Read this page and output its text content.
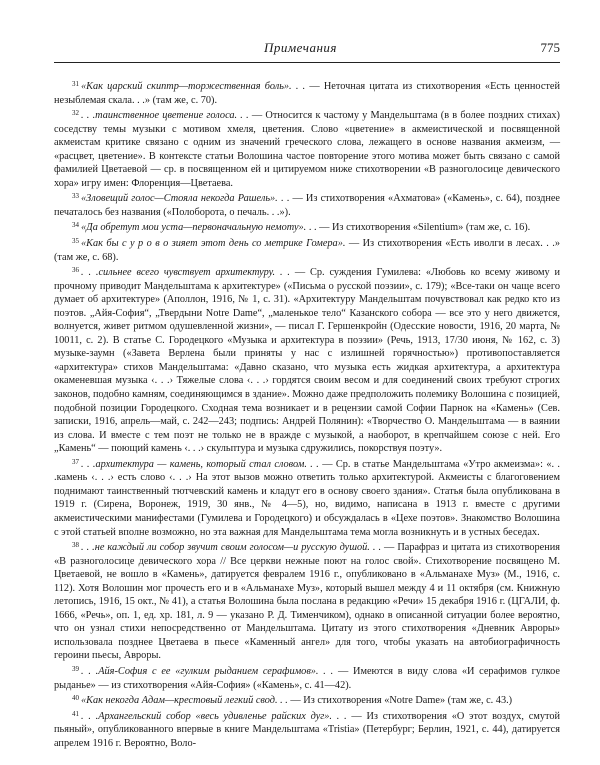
Примечания	775

$^{31}$ «Как царский скиптр—торжественная боль». . . — Неточная цитата из стихотворения «Есть ценностей незыблемая скала. . .» (там же, с. 70).

$^{32}$ . . .таинственное цветение голоса. . . — Относится к частому у Мандельштама (в в более поздних стихах) соседству темы музыки с мотивом хмеля, цветения. Слово «цветение» в акмеистической и посвященной акмеистам критике связано с одним из значений греческого слова, лежащего в основе названия акмеизм, — «расцвет, цветение». В контексте статьи Волошина частое повторение этого мотива может быть связано с самой фамилией Цветаевой — ср. в посвященном ей и цитируемом ниже стихотворении «В разноголосице девического хора» игру имен: Флоренция—Цветаева.

$^{33}$ «Зловещий голос—Стояла некогда Рашель». . . — Из стихотворения «Ахматова» («Камень», с. 64), позднее печаталось без названия («Полоборота, о печаль. . .»).

$^{34}$ «Да обретут мои уста—первоначальную немоту». . . — Из стихотворения «Silentium» (там же, с. 16).

$^{35}$ «Как бы с у р о в о зияет этот день со метрике Гомера». — Из стихотворения «Есть иволги в лесах. . .» (там же, с. 68).

$^{36}$ . . .сильнее всего чувствует архитектуру. . . — Ср. суждения Гумилева: «Любовь ко всему живому и прочному приводит Мандельштама к архитектуре» («Письма о русской поэзии», с. 179); «Все-таки он чаще всего думает об архитектуре» (Аполлон, 1916, № 1, с. 31). «Архитектуру Мандельштам почувствовал как редко кто из поэтов. „Айя-София“, „Твердыни Notre Dame“, „маленькое тело“ Казанского собора — все это у него движется, волнуется, живет ритмом одушевленной жизни», — писал Г. Гершенкройн (Одесские новости, 1916, 20 марта, № 10011, с. 2). В статье С. Городецкого «Музыка и архитектура в поэзии» (Речь, 1913, 17/30 июня, № 162, с. 3) музыке-заумн («Завета Верлена были приняты у нас с излишней горячностью») противопоставляется «архитектура» стихов Мандельштама: «Давно сказано, что музыка есть жидкая архитектура, а архитектура окаменевшая музыка ‹. . .› Тяжелые слова ‹. . .› гордятся своим весом и для соединений своих требуют строгих законов, подобно камням, соединяющимся в здание». Можно даже предположить полемику Волошина с позицией, подобной позиции Городецкого. Сходная тема возникает и в рецензии самой Софии Парнок на «Камень» (Сев. записки, 1916, апрель—май, с. 242—243; подпись: Андрей Полянин): «Творчество О. Мандельштама — в ваянии из слова. И вместе с тем поэт не только не в вражде с музыкой, а наоборот, в крепчайшем союзе с ней. Его „Камень“ — поющий камень ‹. . .› скульптура и музыка сдружились, покорствуя поэту».

$^{37}$ . . .архитектура — камень, который стал словом. . . — Ср. в статье Мандельштама «Утро акмеизма»: «. . .камень ‹. . .› есть слово ‹. . .› На этот вызов можно ответить только архитектурой. Акмеисты с благоговением поднимают таинственный тютчевский камень и кладут его в основу своего здания». Статья была опубликована в 1919 г. (Сирена, Воронеж, 1919, 30 янв., № 4—5), но, видимо, написана в 1913 г. вместе с другими акмеистическими манифестами (Гумилева и Городецкого) и обсуждалась в «Цехе поэтов». Знакомство Волошина с этой статьей вполне возможно, но эта важная для Мандельштама тема могла возникнуть и в устных беседах.

$^{38}$ . . .не каждый ли собор звучит своим голосом—и русскую душой. . . — Парафраз и цитата из стихотворения «В разноголосице девического хора // Все церкви нежные поют на голос свой». Стихотворение посвящено М. Цветаевой, не вошло в «Камень», датируется февралем 1916 г., опубликовано в «Альманахе Муз» (М., 1916, с. 112). Хотя Волошин мог прочесть его и в «Альманахе Муз», который вышел между 4 и 11 октября (см. Книжную летопись, 1916, 15 окт., № 41), а статья Волошина была послана в редакцию «Речи» 15 декабря 1916 г. (ЦГАЛИ, ф. 1666, «Речь», оп. 1, ед. хр. 181, л. 9 — указано Р. Д. Тименчиком), однако в описанной ситуации более вероятно, что он узнал стихи непосредственно от Мандельштама. Цитату из этого стихотворения «Дневник Авроры» использовала позднее Цветаева в пьесе «Каменный ангел» для того, чтобы указать на автобиографичность героини пьесы, Авроры.

$^{39}$ . . .Айя-София с ее «гулким рыданием серафимов». . . — Имеются в виду слова «И серафимов гулкое рыданье» — из стихотворения «Айя-София» («Камень», с. 41—42).

$^{40}$ «Как некогда Адам—крестовый легкий свод. . . — Из стихотворения «Notre Dame» (там же, с. 43.)

$^{41}$ . . .Архангельский собор «весь удивленье райских дуг». . . — Из стихотворения «О этот воздух, смутой пьяный», опубликованного впервые в книге Мандельштама «Tristia» (Петербург; Берлин, 1921, с. 44), датируется апрелем 1916 г. Вероятно, Воло-
